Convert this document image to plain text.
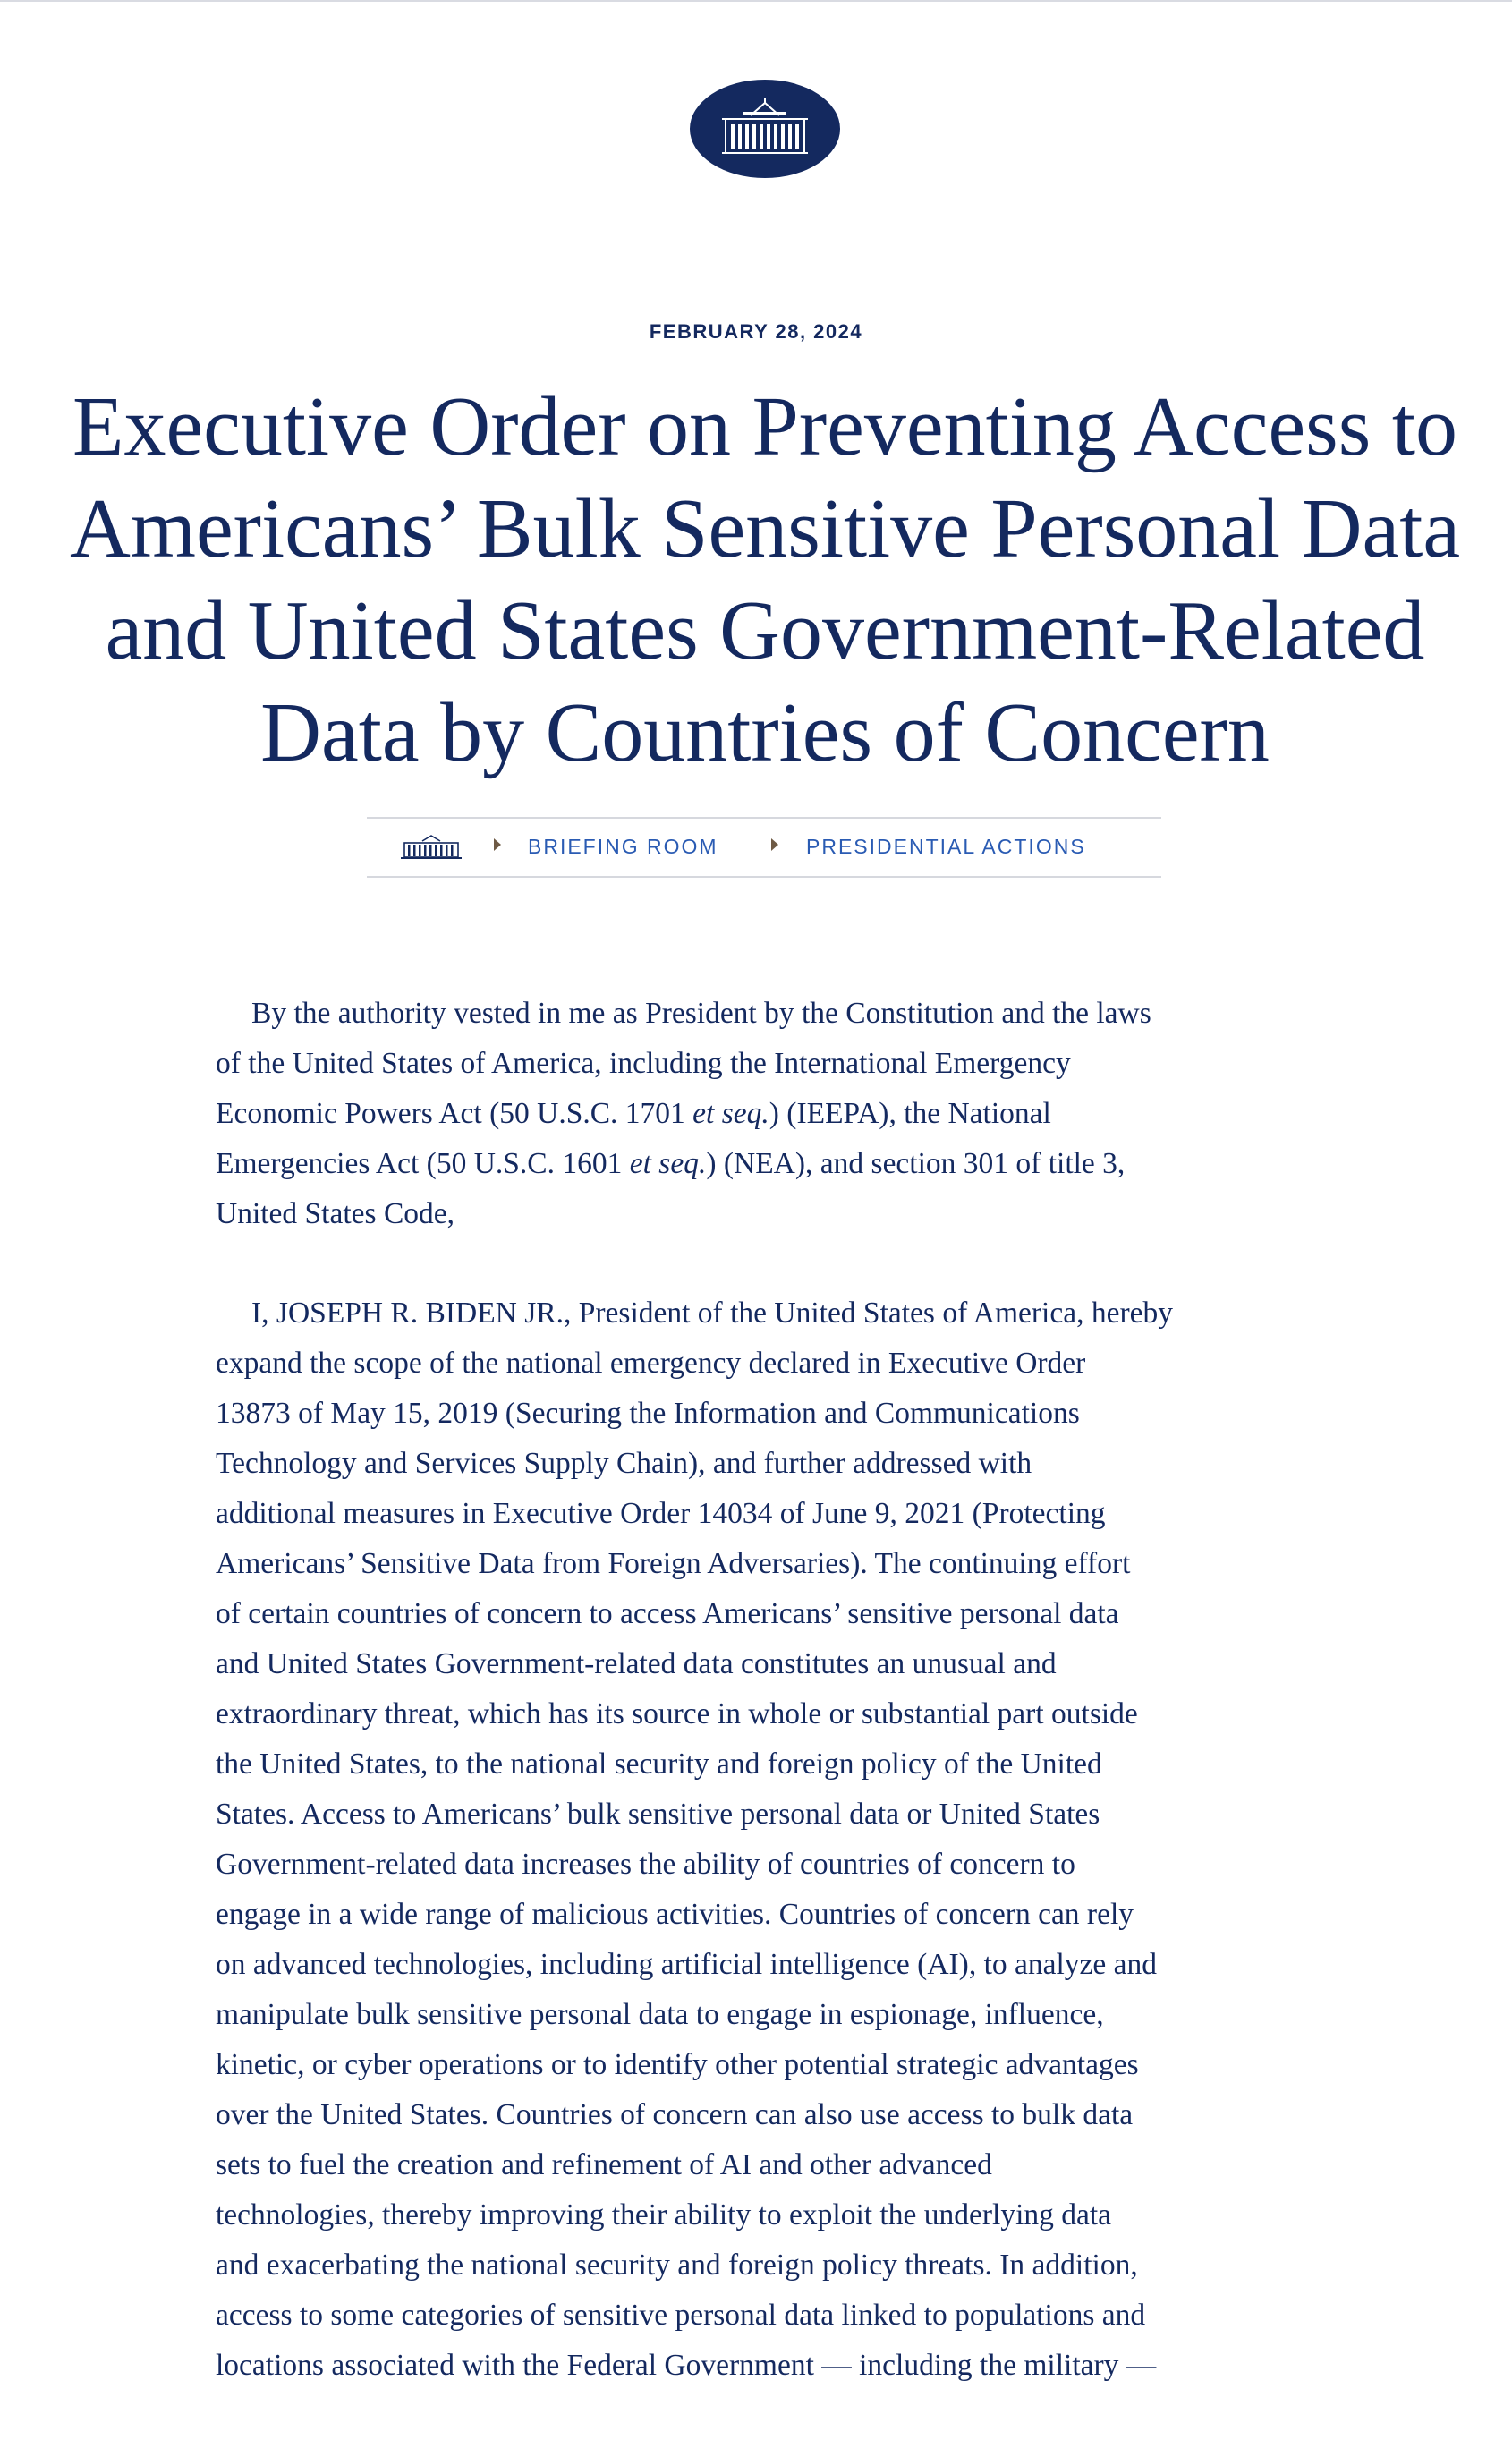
FEBRUARY 28, 2024
Executive Order on Preventing Access to Americans’ Bulk Sensitive Personal Data and United States Government-Related Data by Countries of Concern
BRIEFING ROOM	PRESIDENTIAL ACTIONS

By the authority vested in me as President by the Constitution and the laws
of the United States of America, including the International Emergency
Economic Powers Act (50 U.S.C. 1701 et seq.) (IEEPA), the National
Emergencies Act (50 U.S.C. 1601 et seq.) (NEA), and section 301 of title 3,
United States Code,

I, JOSEPH R. BIDEN JR., President of the United States of America, hereby
expand the scope of the national emergency declared in Executive Order
13873 of May 15, 2019 (Securing the Information and Communications
Technology and Services Supply Chain), and further addressed with
additional measures in Executive Order 14034 of June 9, 2021 (Protecting
Americans’ Sensitive Data from Foreign Adversaries). The continuing effort
of certain countries of concern to access Americans’ sensitive personal data
and United States Government-related data constitutes an unusual and
extraordinary threat, which has its source in whole or substantial part outside
the United States, to the national security and foreign policy of the United
States. Access to Americans’ bulk sensitive personal data or United States
Government-related data increases the ability of countries of concern to
engage in a wide range of malicious activities. Countries of concern can rely
on advanced technologies, including artificial intelligence (AI), to analyze and
manipulate bulk sensitive personal data to engage in espionage, influence,
kinetic, or cyber operations or to identify other potential strategic advantages
over the United States. Countries of concern can also use access to bulk data
sets to fuel the creation and refinement of AI and other advanced
technologies, thereby improving their ability to exploit the underlying data
and exacerbating the national security and foreign policy threats. In addition,
access to some categories of sensitive personal data linked to populations and
locations associated with the Federal Government — including the military —
